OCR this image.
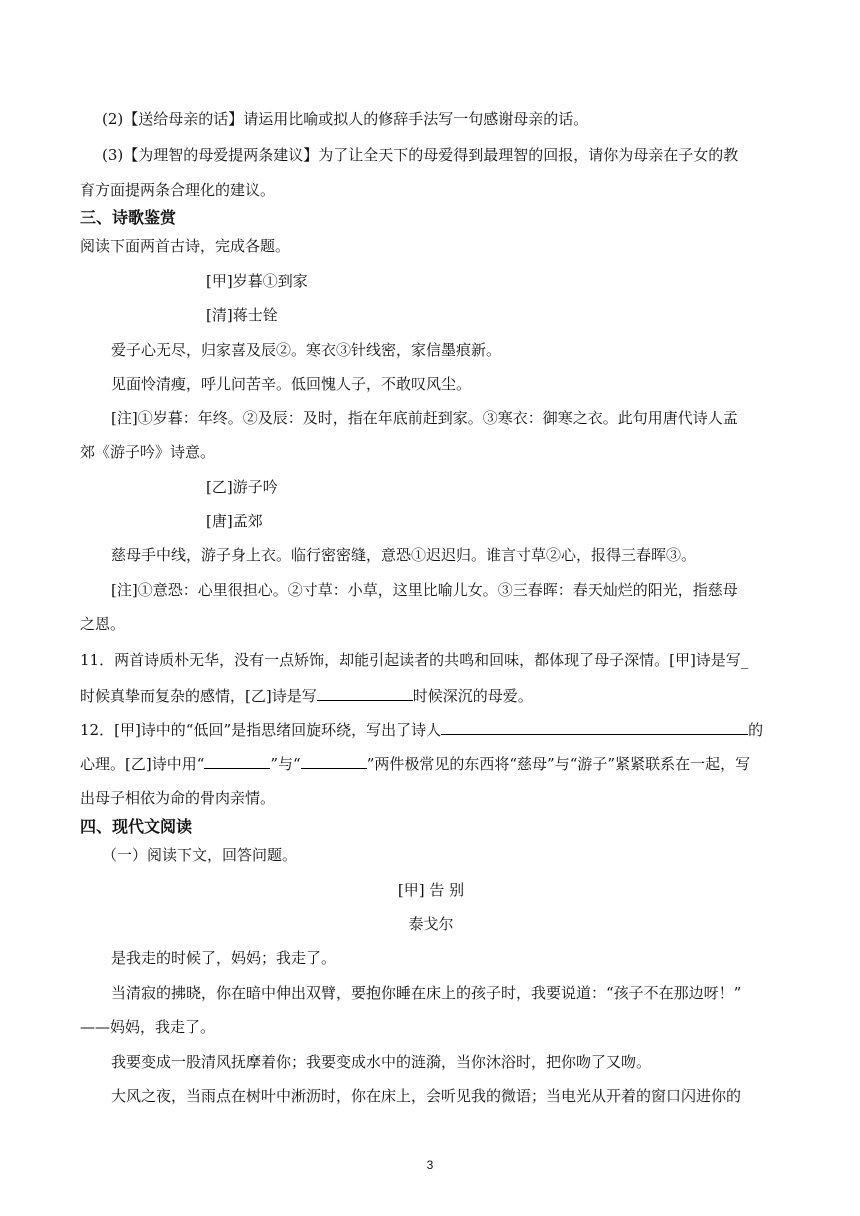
(2)【送给母亲的话】请运用比喻或拟人的修辞手法写一句感谢母亲的话。
(3)【为理智的母爱提两条建议】为了让全天下的母爱得到最理智的回报，请你为母亲在子女的教
育方面提两条合理化的建议。
三、诗歌鉴赏
阅读下面两首古诗，完成各题。
[甲]岁暮①到家
[清]蒋士铨
爱子心无尽，归家喜及辰②。寒衣③针线密，家信墨痕新。
见面怜清瘦，呼儿问苦辛。低回愧人子，不敢叹风尘。
[注]①岁暮：年终。②及辰：及时，指在年底前赶到家。③寒衣：御寒之衣。此句用唐代诗人孟
郊《游子吟》诗意。
[乙]游子吟
[唐]孟郊
慈母手中线，游子身上衣。临行密密缝，意恐①迟迟归。谁言寸草②心，报得三春晖③。
[注]①意恐：心里很担心。②寸草：小草，这里比喻儿女。③三春晖：春天灿烂的阳光，指慈母
之恩。
11．两首诗质朴无华，没有一点矫饰，却能引起读者的共鸣和回味，都体现了母子深情。[甲]诗是写_
时候真挚而复杂的感情，[乙]诗是写	时候深沉的母爱。
12．[甲]诗中的“低回”是指思绪回旋环绕，写出了诗人	的
心理。[乙]诗中用“	”与“	”两件极常见的东西将“慈母”与“游子”紧紧联系在一起，写
出母子相依为命的骨肉亲情。
四、现代文阅读
（一）阅读下文，回答问题。
[甲] 告 别
泰戈尔
是我走的时候了，妈妈；我走了。
当清寂的拂晓，你在暗中伸出双臂，要抱你睡在床上的孩子时，我要说道：“孩子不在那边呀！”
——妈妈，我走了。
我要变成一股清风抚摩着你；我要变成水中的涟漪，当你沐浴时，把你吻了又吻。
大风之夜，当雨点在树叶中淅沥时，你在床上，会听见我的微语；当电光从开着的窗口闪进你的
3
